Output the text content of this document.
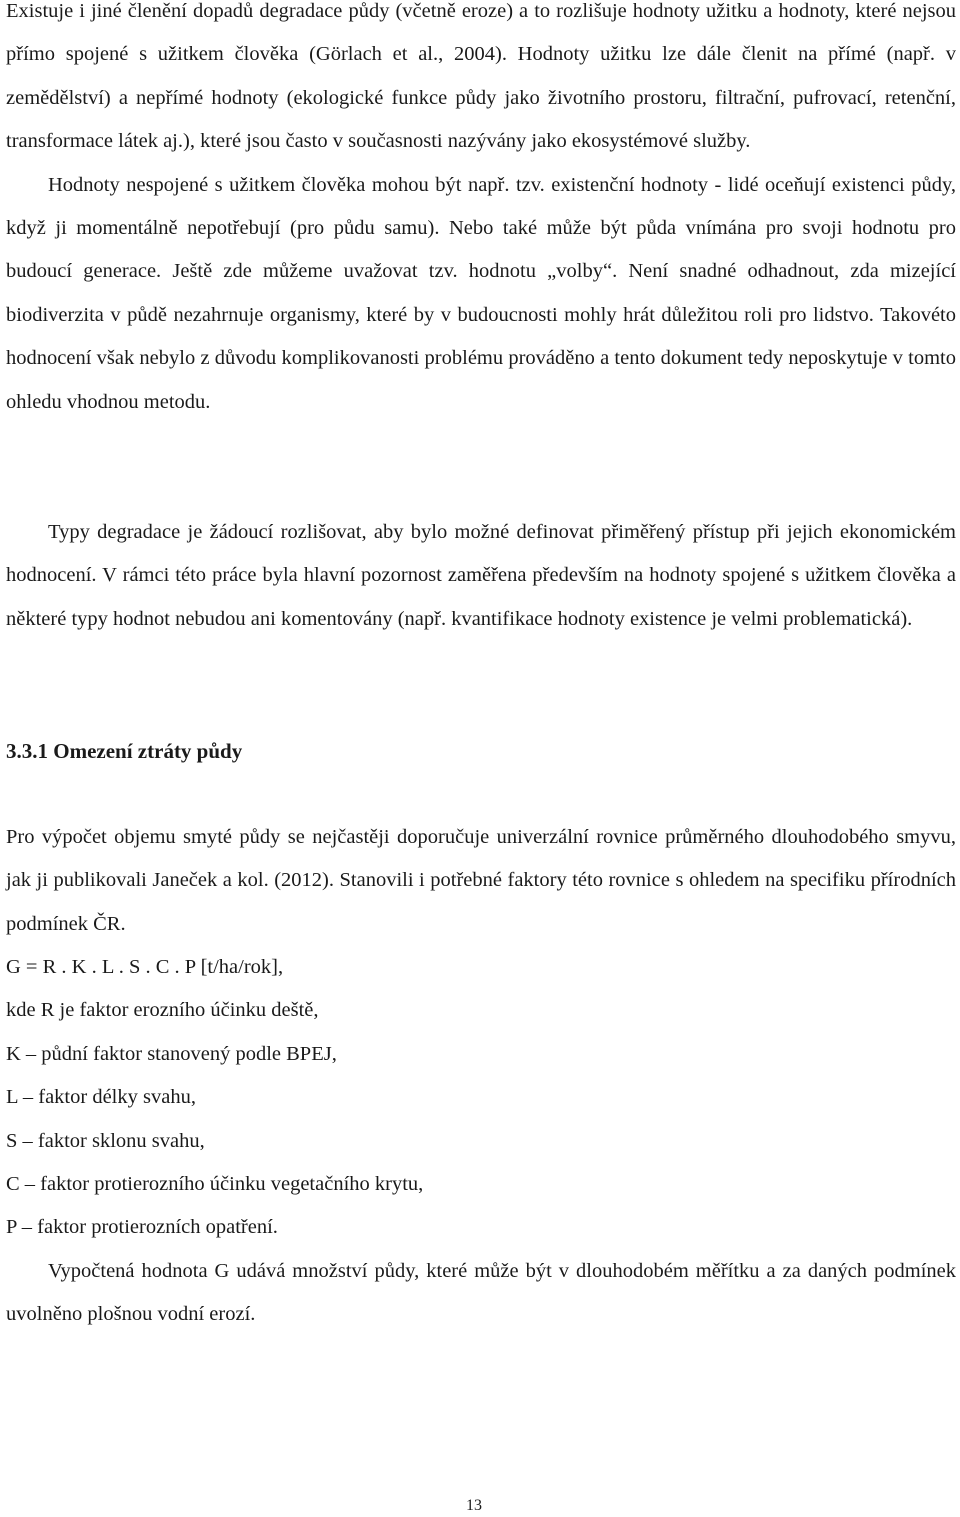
Existuje i jiné členění dopadů degradace půdy (včetně eroze) a to rozlišuje hodnoty užitku a hodnoty, které nejsou přímo spojené s užitkem člověka (Görlach et al., 2004). Hodnoty užitku lze dále členit na přímé (např. v zemědělství) a nepřímé hodnoty (ekologické funkce půdy jako životního prostoru, filtrační, pufrovací, retenční, transformace látek aj.), které jsou často v současnosti nazývány jako ekosystémové služby.

Hodnoty nespojené s užitkem člověka mohou být např. tzv. existenční hodnoty - lidé oceňují existenci půdy, když ji momentálně nepotřebují (pro půdu samu). Nebo také může být půda vnímána pro svoji hodnotu pro budoucí generace. Ještě zde můžeme uvažovat tzv. hodnotu „volby“. Není snadné odhadnout, zda mizející biodiverzita v půdě nezahrnuje organismy, které by v budoucnosti mohly hrát důležitou roli pro lidstvo. Takovéto hodnocení však nebylo z důvodu komplikovanosti problému prováděno a tento dokument tedy neposkytuje v tomto ohledu vhodnou metodu.

Typy degradace je žádoucí rozlišovat, aby bylo možné definovat přiměřený přístup při jejich ekonomickém hodnocení. V rámci této práce byla hlavní pozornost zaměřena především na hodnoty spojené s užitkem člověka a některé typy hodnot nebudou ani komentovány (např. kvantifikace hodnoty existence je velmi problematická).

3.3.1 Omezení ztráty půdy

Pro výpočet objemu smyté půdy se nejčastěji doporučuje univerzální rovnice průměrného dlouhodobého smyvu, jak ji publikovali Janeček a kol. (2012). Stanovili i potřebné faktory této rovnice s ohledem na specifiku přírodních podmínek ČR.

G = R . K . L . S . C . P [t/ha/rok],
kde R je faktor erozního účinku deště,
K – půdní faktor stanovený podle BPEJ,
L – faktor délky svahu,
S – faktor sklonu svahu,
C – faktor protierozního účinku vegetačního krytu,
P – faktor protierozních opatření.

Vypočtená hodnota G udává množství půdy, které může být v dlouhodobém měřítku a za daných podmínek uvolněno plošnou vodní erozí.

13
